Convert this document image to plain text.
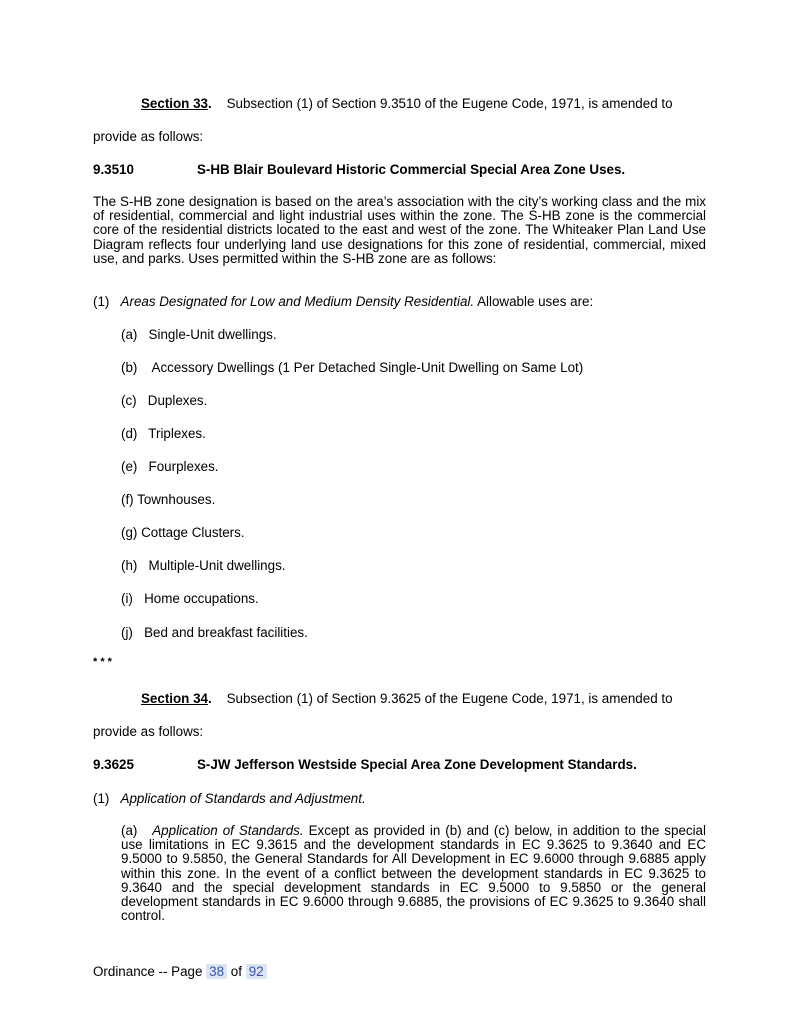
Section 33. Subsection (1) of Section 9.3510 of the Eugene Code, 1971, is amended to

provide as follows:

9.3510	S-HB Blair Boulevard Historic Commercial Special Area Zone Uses.

The S-HB zone designation is based on the area’s association with the city’s working class and the mix of residential, commercial and light industrial uses within the zone. The S-HB zone is the commercial core of the residential districts located to the east and west of the zone. The Whiteaker Plan Land Use Diagram reflects four underlying land use designations for this zone of residential, commercial, mixed use, and parks. Uses permitted within the S-HB zone are as follows:

(1) Areas Designated for Low and Medium Density Residential. Allowable uses are:

(a) Single-Unit dwellings.

(b) Accessory Dwellings (1 Per Detached Single-Unit Dwelling on Same Lot)

(c) Duplexes.

(d) Triplexes.

(e) Fourplexes.

(f) Townhouses.

(g) Cottage Clusters.

(h) Multiple-Unit dwellings.

(i) Home occupations.

(j) Bed and breakfast facilities.

* * *

Section 34. Subsection (1) of Section 9.3625 of the Eugene Code, 1971, is amended to

provide as follows:

9.3625	S-JW Jefferson Westside Special Area Zone Development Standards.

(1) Application of Standards and Adjustment.

(a) Application of Standards. Except as provided in (b) and (c) below, in addition to the special use limitations in EC 9.3615 and the development standards in EC 9.3625 to 9.3640 and EC 9.5000 to 9.5850, the General Standards for All Development in EC 9.6000 through 9.6885 apply within this zone. In the event of a conflict between the development standards in EC 9.3625 to 9.3640 and the special development standards in EC 9.5000 to 9.5850 or the general development standards in EC 9.6000 through 9.6885, the provisions of EC 9.3625 to 9.3640 shall control.

Ordinance -- Page 38 of 92
